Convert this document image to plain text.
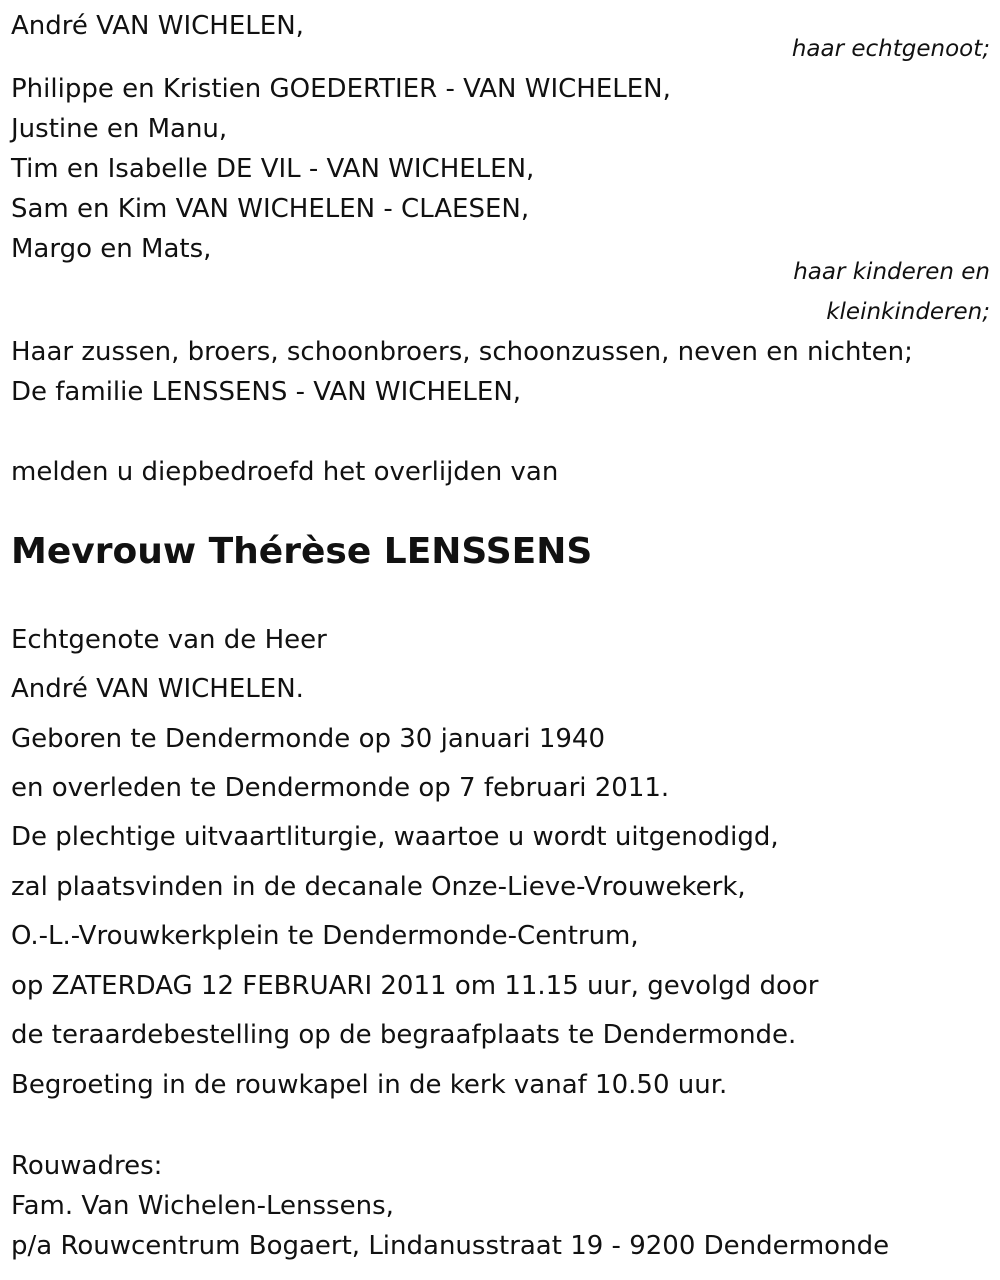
André VAN WICHELEN,
haar echtgenoot;
Philippe en Kristien GOEDERTIER - VAN WICHELEN,
Justine en Manu,
Tim en Isabelle DE VIL - VAN WICHELEN,
Sam en Kim VAN WICHELEN - CLAESEN,
Margo en Mats,
haar kinderen en
kleinkinderen;
Haar zussen, broers, schoonbroers, schoonzussen, neven en nichten;
De familie LENSSENS - VAN WICHELEN,
melden u diepbedroefd het overlijden van
Mevrouw Thérèse LENSSENS
Echtgenote van de Heer
André VAN WICHELEN.
Geboren te Dendermonde op 30 januari 1940
en overleden te Dendermonde op 7 februari 2011.
De plechtige uitvaartliturgie, waartoe u wordt uitgenodigd,
zal plaatsvinden in de decanale Onze-Lieve-Vrouwekerk,
O.-L.-Vrouwkerkplein te Dendermonde-Centrum,
op ZATERDAG 12 FEBRUARI 2011 om 11.15 uur, gevolgd door
de teraardebestelling op de begraafplaats te Dendermonde.
Begroeting in de rouwkapel in de kerk vanaf 10.50 uur.
Rouwadres:
Fam. Van Wichelen-Lenssens,
p/a Rouwcentrum Bogaert, Lindanusstraat 19 - 9200 Dendermonde
